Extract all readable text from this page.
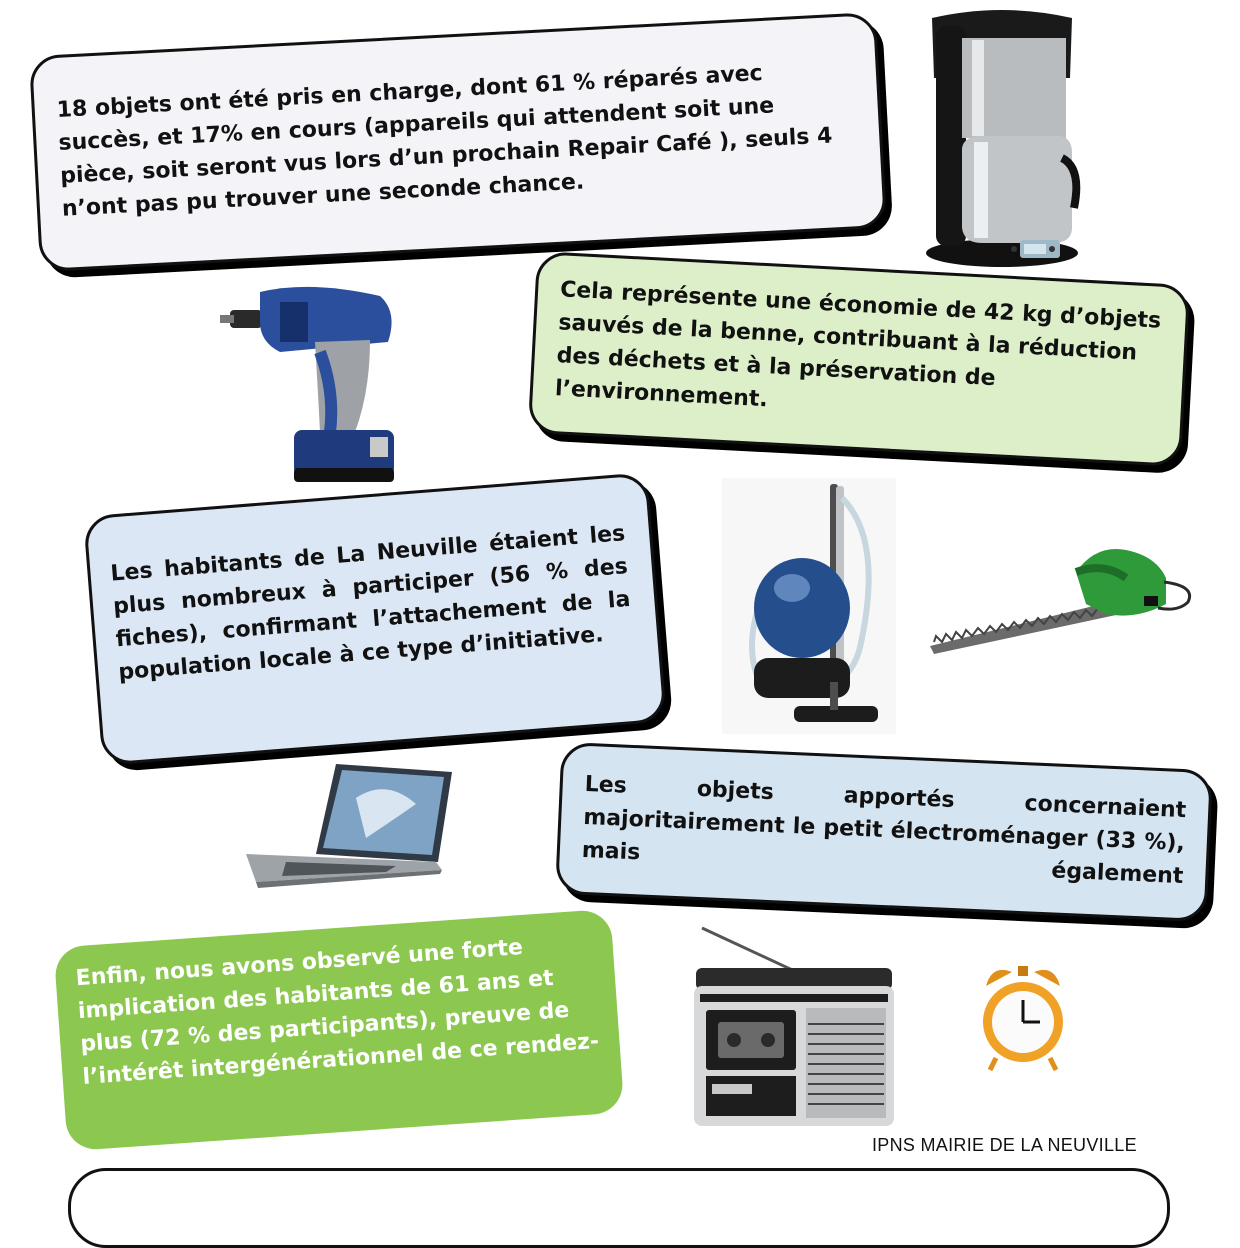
18 objets ont été pris en charge, dont 61 % réparés avec succès, et 17% en cours (appareils qui attendent soit une pièce, soit seront vus lors d’un prochain Repair Café ), seuls 4 n’ont pas pu trouver une seconde chance.

Cela représente une économie de 42 kg d’objets sauvés de la benne, contribuant à la réduction des déchets et à la préservation de l’environnement.

Les habitants de La Neuville étaient les plus nombreux à participer (56 % des fiches), confirmant l’attachement de la population locale à ce type d’initiative.

Les objets apportés concernaient majoritairement le petit électroménager (33 %), mais également

Enfin, nous avons observé une forte implication des habitants de 61 ans et plus (72 % des participants), preuve de l’intérêt intergénérationnel de ce rendez-

IPNS MAIRIE DE LA NEUVILLE
